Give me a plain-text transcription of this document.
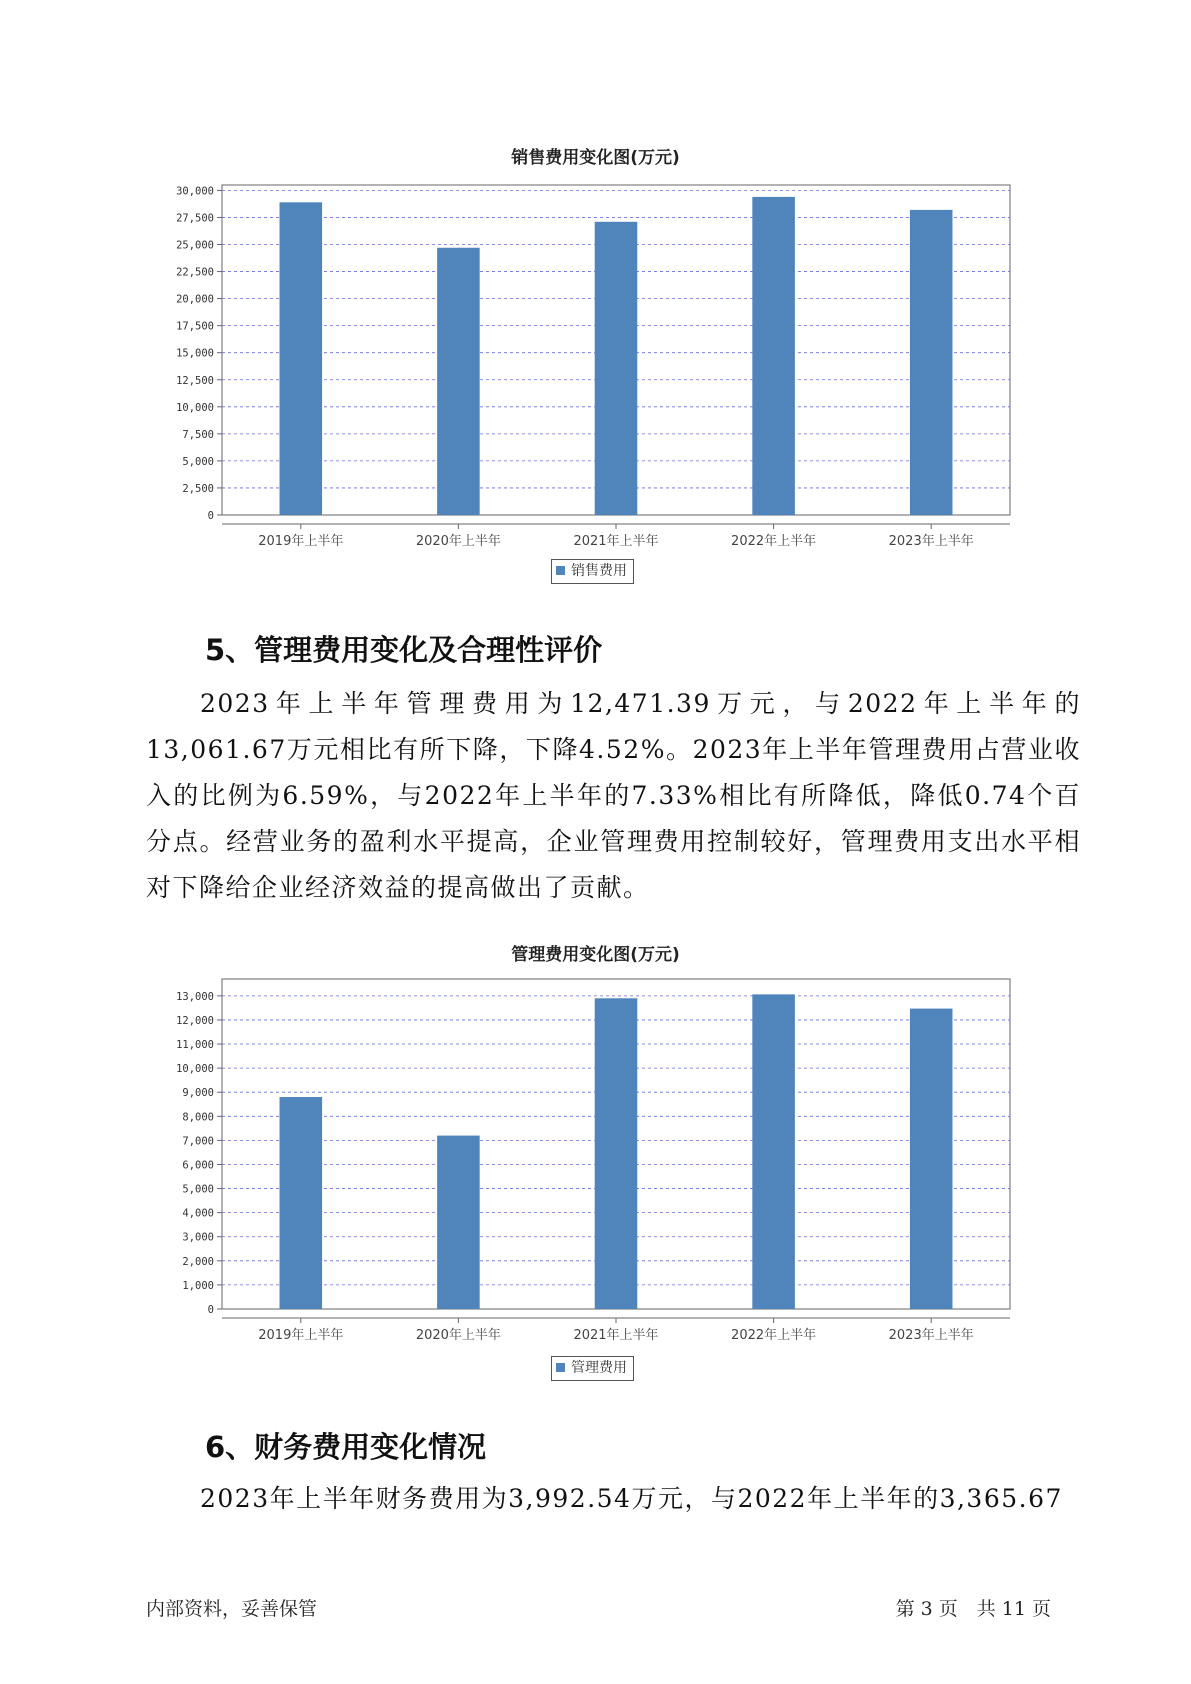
销售费用变化图(万元)
0
2,500
5,000
7,500
10,000
12,500
15,000
17,500
20,000
22,500
25,000
27,500
30,000
2019年上半年	2020年上半年	2021年上半年	2022年上半年	2023年上半年
销售费用
5、管理费用变化及合理性评价

2023年上半年管理费用为12,471.39万元，与2022年上半年的13,061.67万元相比有所下降，下降4.52%。2023年上半年管理费用占营业收入的比例为6.59%，与2022年上半年的7.33%相比有所降低，降低0.74个百分点。经营业务的盈利水平提高，企业管理费用控制较好，管理费用支出水平相对下降给企业经济效益的提高做出了贡献。

管理费用变化图(万元)
0
1,000
2,000
3,000
4,000
5,000
6,000
7,000
8,000
9,000
10,000
11,000
12,000
13,000
2019年上半年	2020年上半年	2021年上半年	2022年上半年	2023年上半年
管理费用
6、财务费用变化情况

2023年上半年财务费用为3,992.54万元，与2022年上半年的3,365.67

内部资料，妥善保管	第 3 页　共 11 页
